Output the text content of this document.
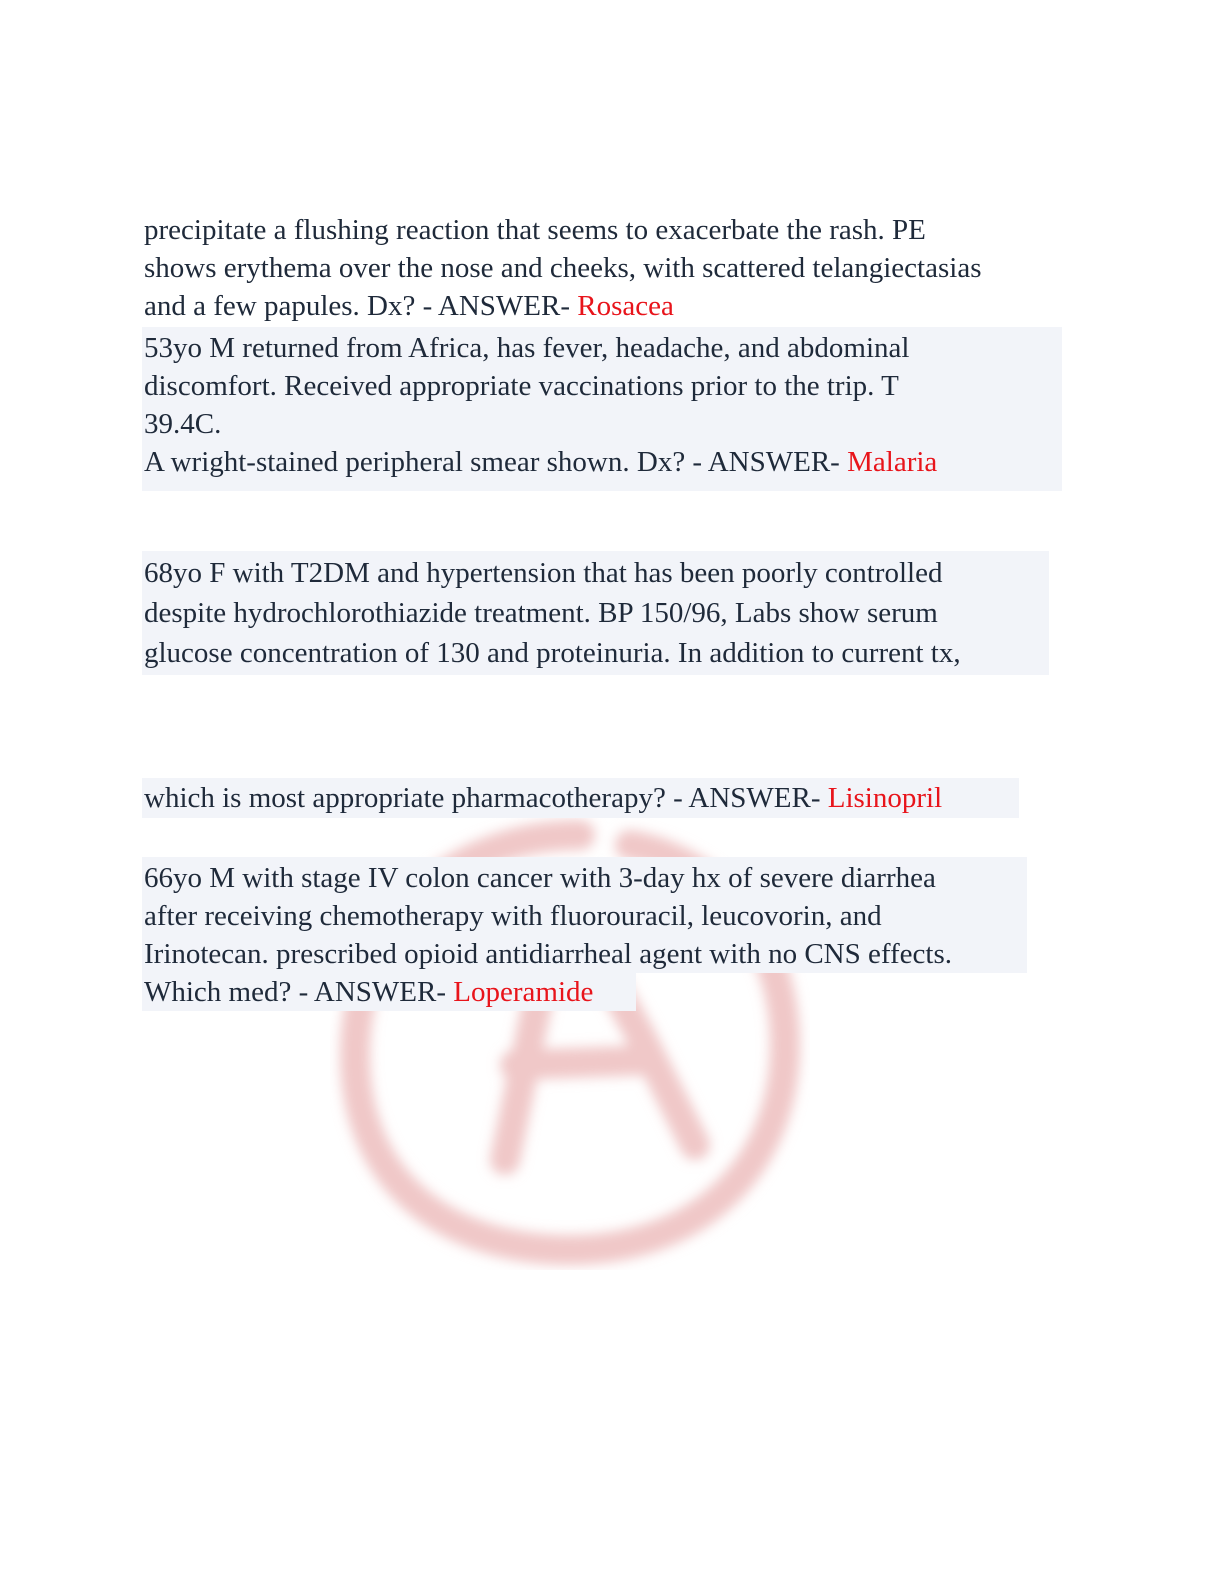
precipitate a flushing reaction that seems to exacerbate the rash. PE
shows erythema over the nose and cheeks, with scattered telangiectasias
and a few papules. Dx? - ANSWER- Rosacea
53yo M returned from Africa, has fever, headache, and abdominal
discomfort. Received appropriate vaccinations prior to the trip. T
39.4C.
A wright-stained peripheral smear shown. Dx? - ANSWER- Malaria
68yo F with T2DM and hypertension that has been poorly controlled
despite hydrochlorothiazide treatment. BP 150/96, Labs show serum
glucose concentration of 130 and proteinuria. In addition to current tx,
which is most appropriate pharmacotherapy? - ANSWER- Lisinopril
66yo M with stage IV colon cancer with 3-day hx of severe diarrhea
after receiving chemotherapy with fluorouracil, leucovorin, and
Irinotecan. prescribed opioid antidiarrheal agent with no CNS effects.
Which med? - ANSWER- Loperamide
